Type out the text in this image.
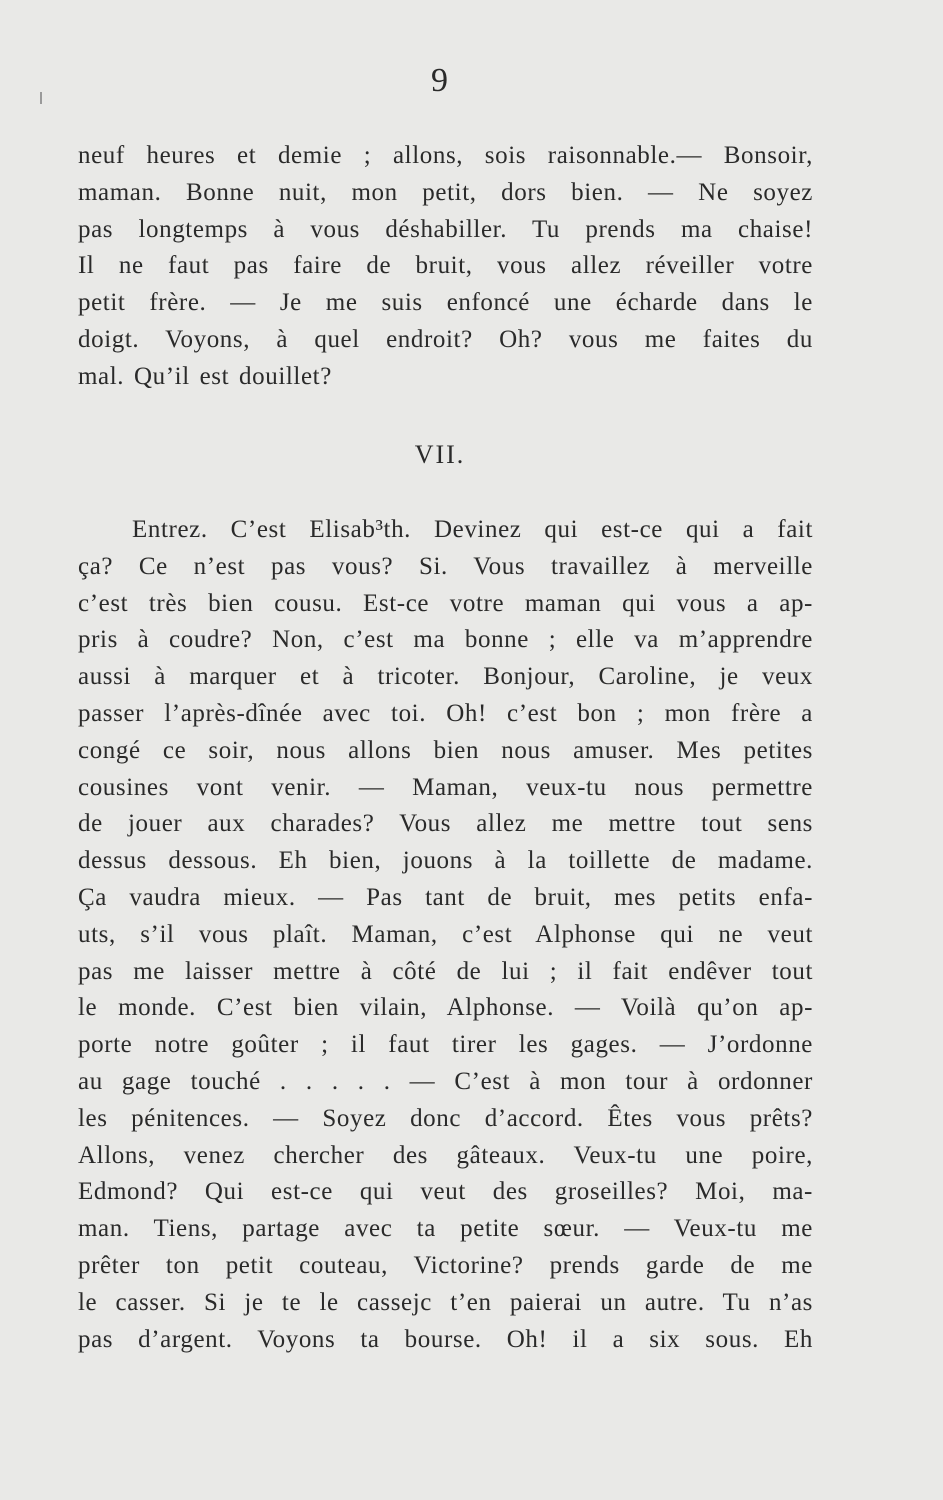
9
neuf heures et demie ; allons, sois raisonnable.— Bonsoir,
maman. Bonne nuit, mon petit, dors bien. — Ne soyez
pas longtemps à vous déshabiller. Tu prends ma chaise!
Il ne faut pas faire de bruit, vous allez réveiller votre
petit frère. — Je me suis enfoncé une écharde dans le
doigt. Voyons, à quel endroit? Oh? vous me faites du
mal. Qu’il est douillet?
VII.
Entrez. C’est Elisab³th. Devinez qui est-ce qui a fait
ça? Ce n’est pas vous? Si. Vous travaillez à merveille
c’est très bien cousu. Est-ce votre maman qui vous a ap-
pris à coudre? Non, c’est ma bonne ; elle va m’apprendre
aussi à marquer et à tricoter. Bonjour, Caroline, je veux
passer l’après-dînée avec toi. Oh! c’est bon ; mon frère a
congé ce soir, nous allons bien nous amuser. Mes petites
cousines vont venir. — Maman, veux-tu nous permettre
de jouer aux charades? Vous allez me mettre tout sens
dessus dessous. Eh bien, jouons à la toillette de madame.
Ça vaudra mieux. — Pas tant de bruit, mes petits enfa-
uts, s’il vous plaît. Maman, c’est Alphonse qui ne veut
pas me laisser mettre à côté de lui ; il fait endêver tout
le monde. C’est bien vilain, Alphonse. — Voilà qu’on ap-
porte notre goûter ; il faut tirer les gages. — J’ordonne
au gage touché . . . . . — C’est à mon tour à ordonner
les pénitences. — Soyez donc d’accord. Êtes vous prêts?
Allons, venez chercher des gâteaux. Veux-tu une poire,
Edmond? Qui est-ce qui veut des groseilles? Moi, ma-
man. Tiens, partage avec ta petite sœur. — Veux-tu me
prêter ton petit couteau, Victorine? prends garde de me
le casser. Si je te le cassejc t’en paierai un autre. Tu n’as
pas d’argent. Voyons ta bourse. Oh! il a six sous. Eh
